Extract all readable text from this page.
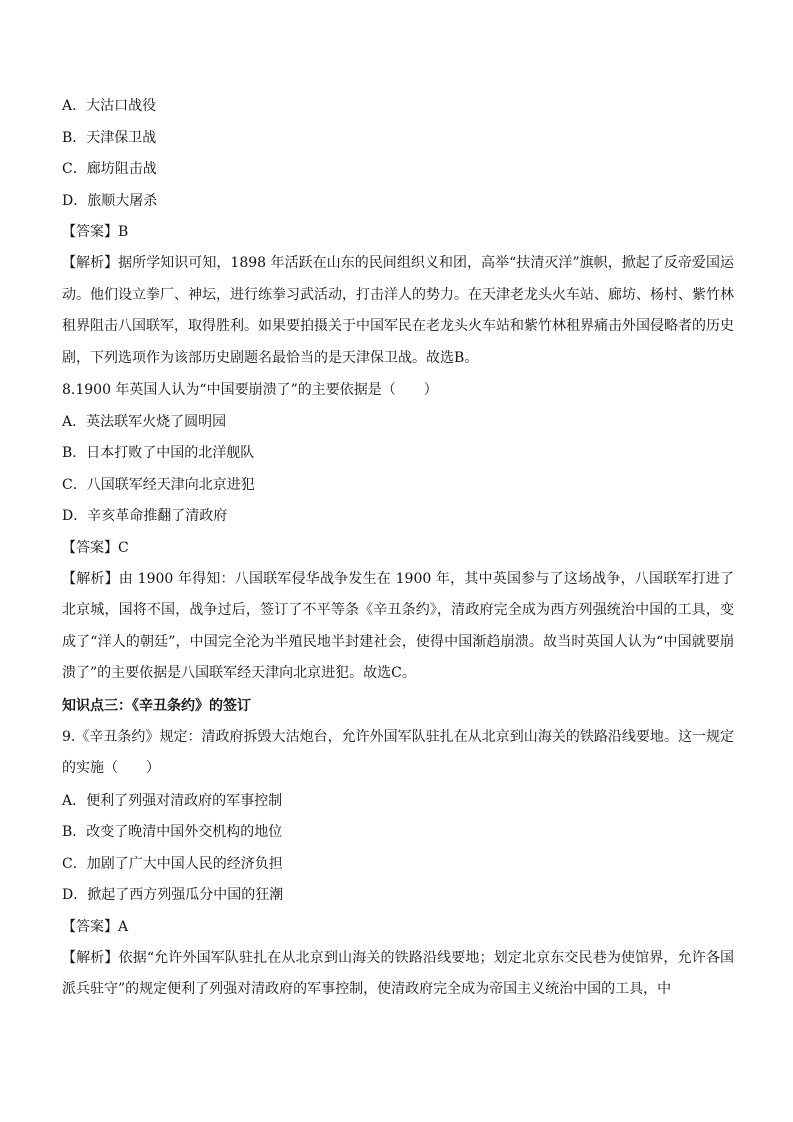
A．大沽口战役
B．天津保卫战
C．廊坊阻击战
D．旅顺大屠杀
【答案】B

【解析】据所学知识可知，1898 年活跃在山东的民间组织义和团，高举“扶清灭洋”旗帜，掀起了反帝爱国运动。他们设立拳厂、神坛，进行练拳习武活动，打击洋人的势力。在天津老龙头火车站、廊坊、杨村、紫竹林租界阻击八国联军，取得胜利。如果要拍摄关于中国军民在老龙头火车站和紫竹林租界痛击外国侵略者的历史剧，下列选项作为该部历史剧题名最恰当的是天津保卫战。故选B。

8.1900 年英国人认为“中国要崩溃了”的主要依据是（　　）
A．英法联军火烧了圆明园
B．日本打败了中国的北洋舰队
C．八国联军经天津向北京进犯
D．辛亥革命推翻了清政府
【答案】C

【解析】由 1900 年得知：八国联军侵华战争发生在 1900 年，其中英国参与了这场战争，八国联军打进了北京城，国将不国，战争过后，签订了不平等条《辛丑条约》，清政府完全成为西方列强统治中国的工具，变成了“洋人的朝廷”，中国完全沦为半殖民地半封建社会，使得中国渐趋崩溃。故当时英国人认为“中国就要崩溃了”的主要依据是八国联军经天津向北京进犯。故选C。

知识点三：《辛丑条约》的签订

9.《辛丑条约》规定：清政府拆毁大沽炮台，允许外国军队驻扎在从北京到山海关的铁路沿线要地。这一规定的实施（　　）

A．便利了列强对清政府的军事控制
B．改变了晚清中国外交机构的地位
C．加剧了广大中国人民的经济负担
D．掀起了西方列强瓜分中国的狂潮
【答案】A

【解析】依据“允许外国军队驻扎在从北京到山海关的铁路沿线要地；划定北京东交民巷为使馆界，允许各国派兵驻守”的规定便利了列强对清政府的军事控制，使清政府完全成为帝国主义统治中国的工具，中
